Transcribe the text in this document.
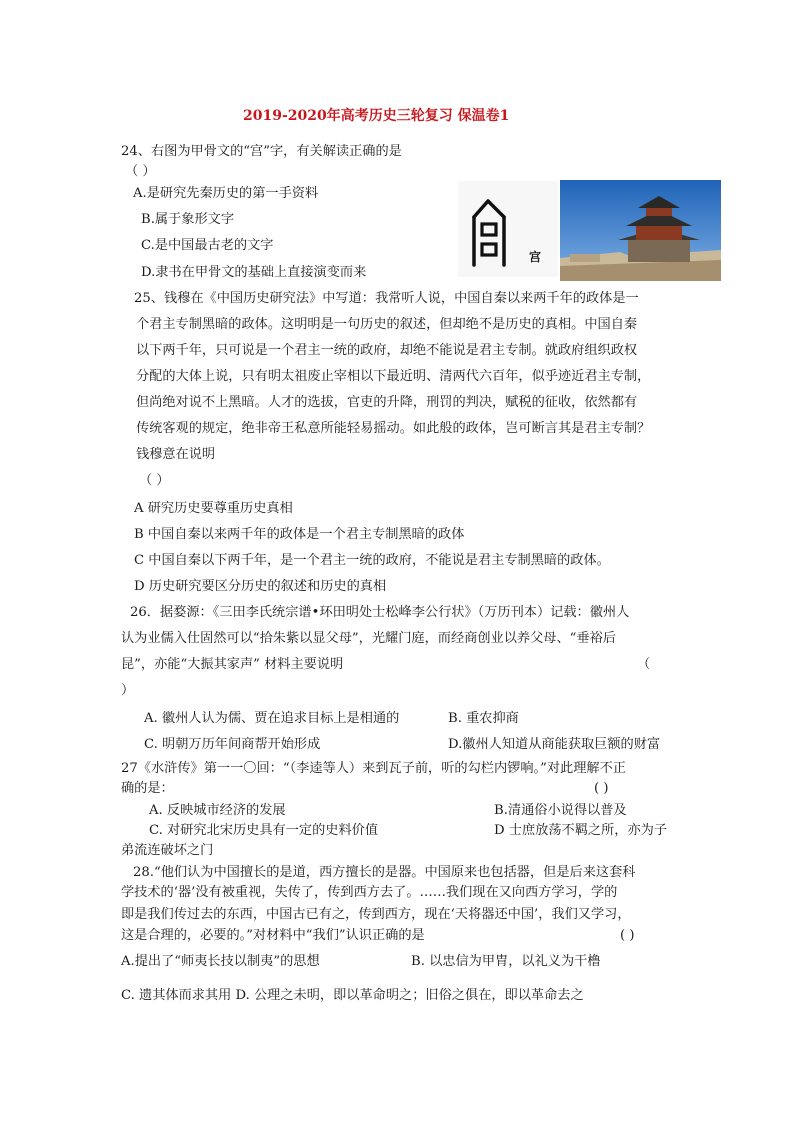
2019-2020年高考历史三轮复习 保温卷1
24、右图为甲骨文的“宫”字，有关解读正确的是
（ ）
A.是研究先秦历史的第一手资料
B.属于象形文字
C.是中国最古老的文字
D.隶书在甲骨文的基础上直接演变而来
宫
25、钱穆在《中国历史研究法》中写道：我常听人说，中国自秦以来两千年的政体是一
个君主专制黑暗的政体。这明明是一句历史的叙述，但却绝不是历史的真相。中国自秦
以下两千年，只可说是一个君主一统的政府，却绝不能说是君主专制。就政府组织政权
分配的大体上说，只有明太祖废止宰相以下最近明、清两代六百年，似乎迹近君主专制，
但尚绝对说不上黑暗。人才的选拔，官吏的升降，刑罚的判决，赋税的征收，依然都有
传统客观的规定，绝非帝王私意所能轻易摇动。如此般的政体，岂可断言其是君主专制？
钱穆意在说明
（ ）
A 研究历史要尊重历史真相
B 中国自秦以来两千年的政体是一个君主专制黑暗的政体
C 中国自秦以下两千年，是一个君主一统的政府，不能说是君主专制黑暗的政体。
D 历史研究要区分历史的叙述和历史的真相
26．据婺源：《三田李氏统宗谱•环田明处士松峰李公行状》（万历刊本）记载：徽州人
认为业儒入仕固然可以“拾朱紫以显父母”，光耀门庭，而经商创业以养父母、“垂裕后
昆”，亦能“大振其家声” 材料主要说明	（
）
A. 徽州人认为儒、贾在追求目标上是相通的	B. 重农抑商
C. 明朝万历年间商帮开始形成	D.徽州人知道从商能获取巨额的财富
27《水浒传》第一一〇回：“（李逵等人）来到瓦子前，听的勾栏内锣响。”对此理解不正
确的是：	( )
A. 反映城市经济的发展	B.清通俗小说得以普及
C. 对研究北宋历史具有一定的史料价值	D 士庶放荡不羁之所，亦为子
弟流连破坏之门
28.“他们认为中国擅长的是道，西方擅长的是器。中国原来也包括器，但是后来这套科
学技术的‘器’没有被重视，失传了，传到西方去了。……我们现在又向西方学习，学的
即是我们传过去的东西，中国古已有之，传到西方，现在‘天将器还中国’，我们又学习，
这是合理的，必要的。”对材料中“我们”认识正确的是	( )
A.提出了“师夷长技以制夷”的思想	B. 以忠信为甲胄，以礼义为干橹
C. 遗其体而求其用 D. 公理之未明，即以革命明之；旧俗之俱在，即以革命去之
